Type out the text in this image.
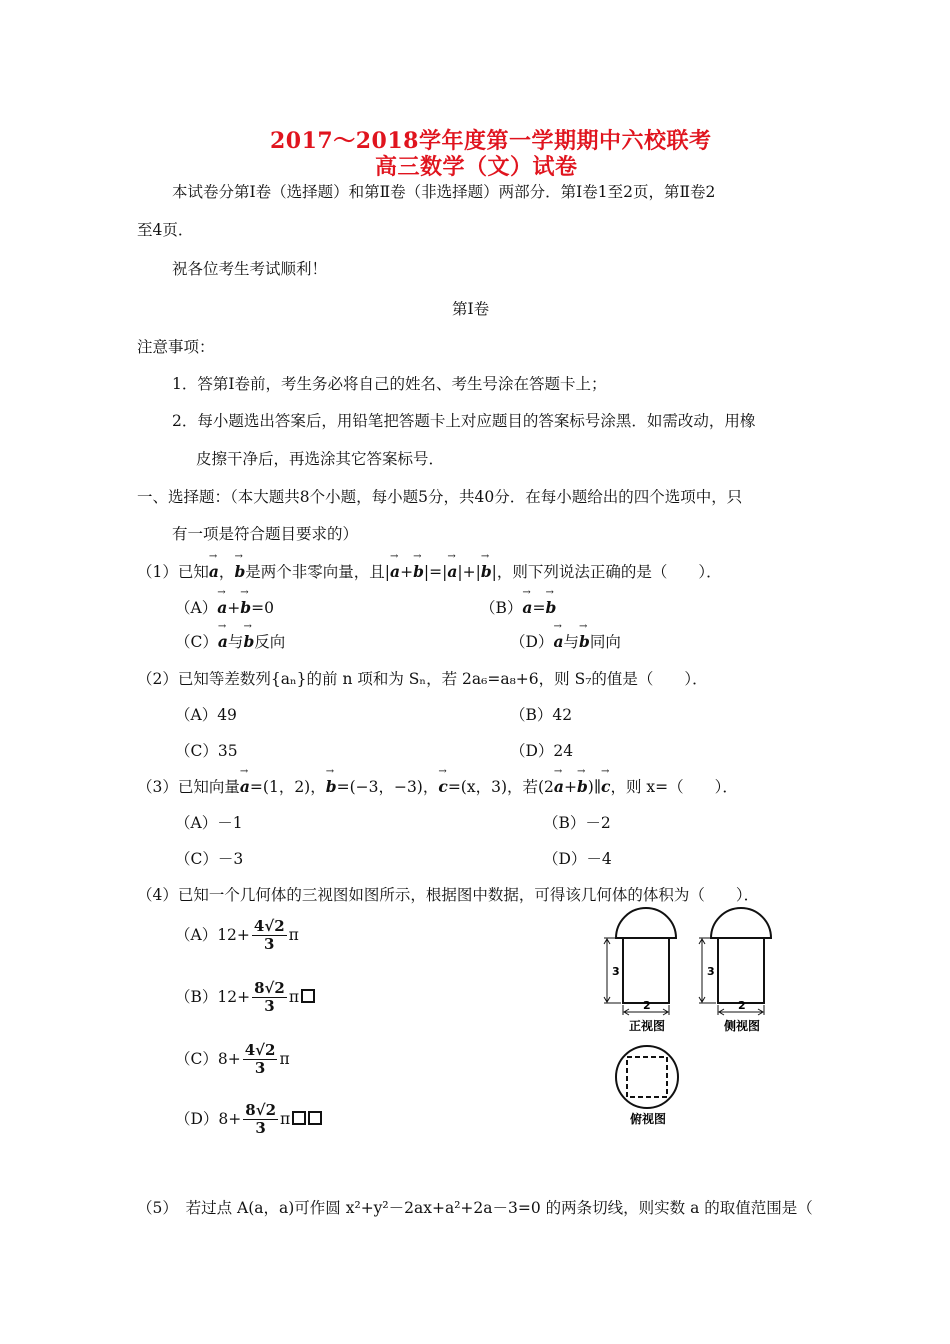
2017～2018学年度第一学期期中六校联考
高三数学（文）试卷
本试卷分第Ⅰ卷（选择题）和第Ⅱ卷（非选择题）两部分．第Ⅰ卷1至2页，第Ⅱ卷2
至4页．
祝各位考生考试顺利！
第Ⅰ卷
注意事项：
1．答第Ⅰ卷前，考生务必将自己的姓名、考生号涂在答题卡上；
2．每小题选出答案后，用铅笔把答题卡上对应题目的答案标号涂黑．如需改动，用橡
皮擦干净后，再选涂其它答案标号．
一、选择题：（本大题共8个小题，每小题5分，共40分．在每小题给出的四个选项中，只
有一项是符合题目要求的）
（1）已知→ a，→ b是两个非零向量，且|→ a+→ b|=|→ a|+|→ b|，则下列说法正确的是（　　）．
（A）→ a+→ b=0	（B）→ a=→ b
（C）→ a与→ b反向	（D）→ a与→ b同向
（2）已知等差数列{aₙ}的前 n 项和为 Sₙ，若 2a₆=a₈+6，则 S₇的值是（　　）．
（A）49	（B）42
（C）35	（D）24
（3）已知向量→ a=(1，2)，→ b=(−3，−3)，→ c=(x，3)，若(2→ a+→ b)∥→ c，则 x=（　　）．
（A）－1	（B）－2
（C）－3	（D）－4
（4）已知一个几何体的三视图如图所示，根据图中数据，可得该几何体的体积为（　　）．
$(A)12+ \frac{4√2}{3}$ π
$(B)12+ \frac{8√2}{3}$ π
$(C)8+ \frac{4√2}{3}$ π
$(D)8+ \frac{8√2}{3}$ π
3
2
正视图
3
2
侧视图
俯视图
（5）　若过点 A(a，a)可作圆 x²+y²－2ax+a²+2a－3=0 的两条切线，则实数 a 的取值范围是（
